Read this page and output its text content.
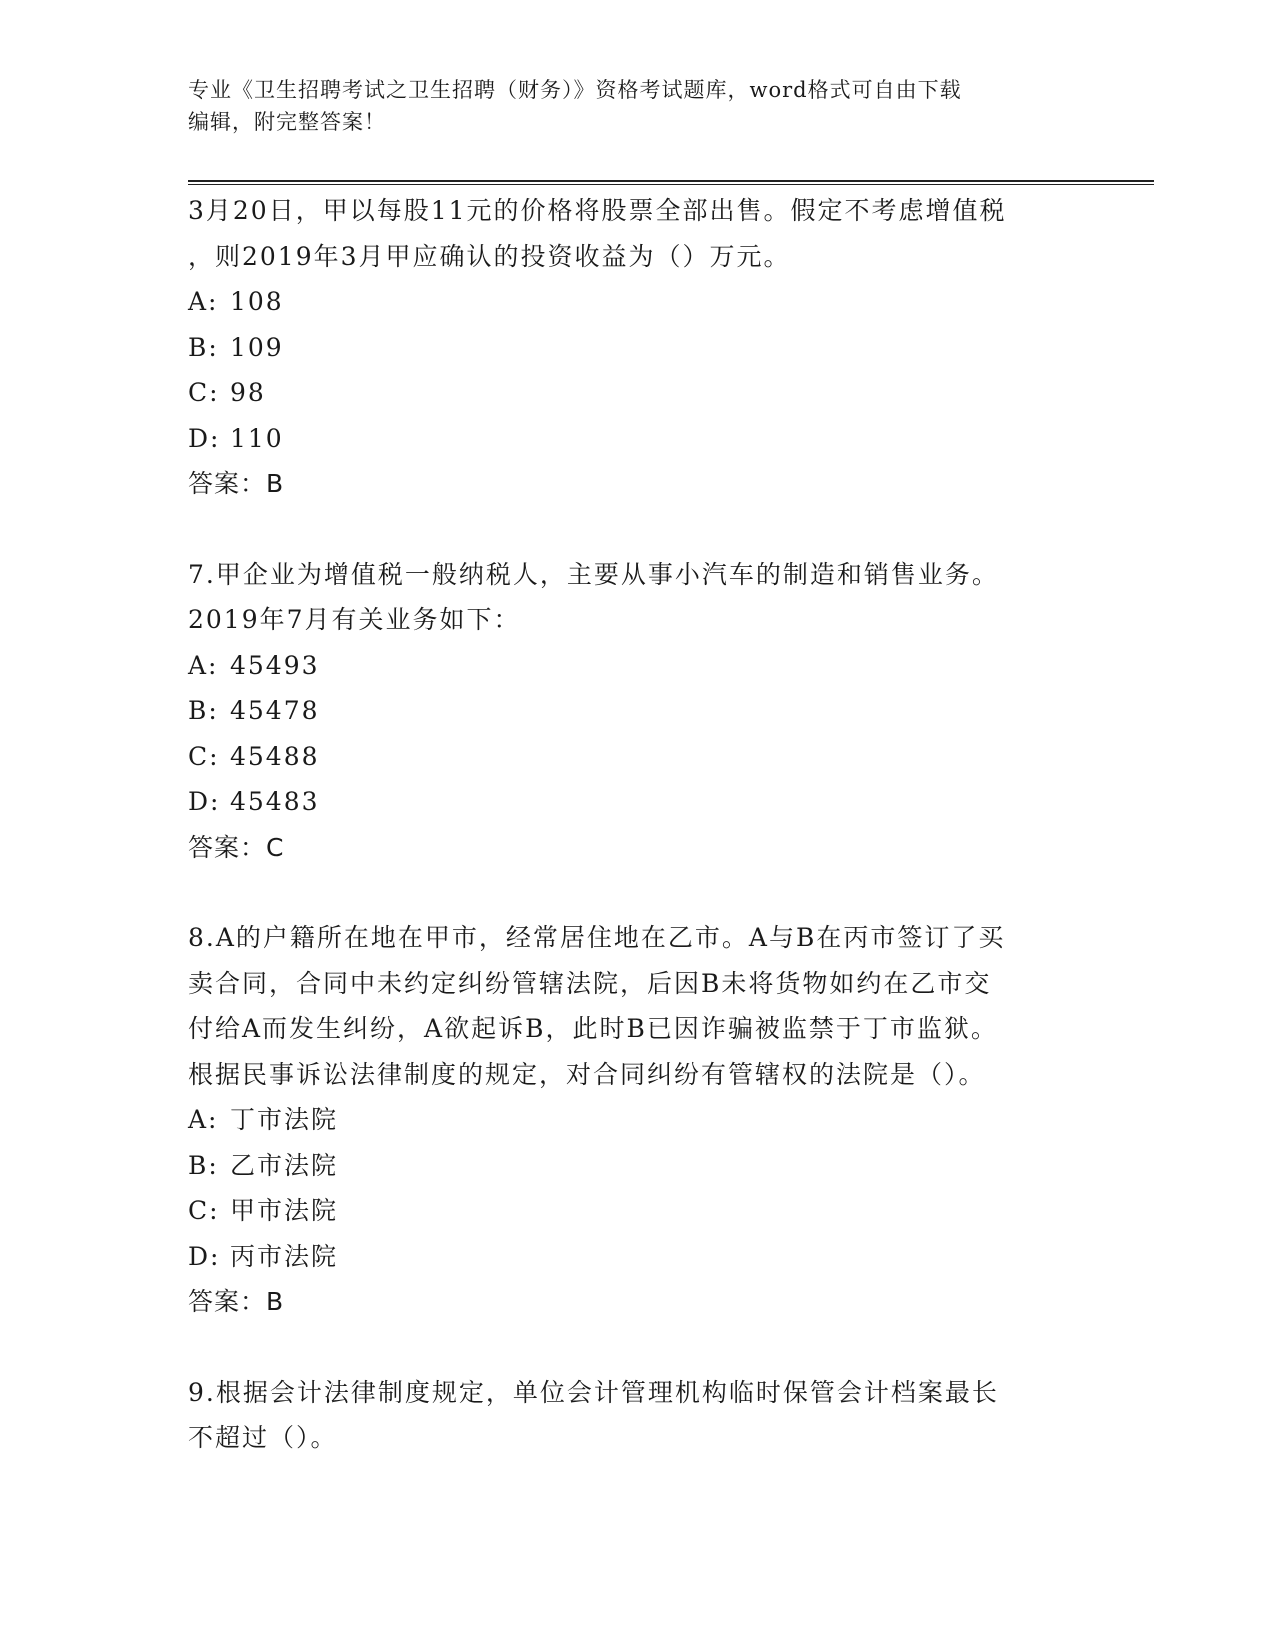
专业《卫生招聘考试之卫生招聘（财务）》资格考试题库，word格式可自由下载
编辑，附完整答案！
3月20日，甲以每股11元的价格将股票全部出售。假定不考虑增值税
，则2019年3月甲应确认的投资收益为（）万元。
A: 108
B: 109
C: 98
D: 110
答案：B
7.甲企业为增值税一般纳税人，主要从事小汽车的制造和销售业务。
2019年7月有关业务如下：
A: 45493
B: 45478
C: 45488
D: 45483
答案：C
8.A的户籍所在地在甲市，经常居住地在乙市。A与B在丙市签订了买
卖合同，合同中未约定纠纷管辖法院，后因B未将货物如约在乙市交
付给A而发生纠纷，A欲起诉B，此时B已因诈骗被监禁于丁市监狱。
根据民事诉讼法律制度的规定，对合同纠纷有管辖权的法院是（）。
A: 丁市法院
B: 乙市法院
C: 甲市法院
D: 丙市法院
答案：B
9.根据会计法律制度规定，单位会计管理机构临时保管会计档案最长
不超过（）。
